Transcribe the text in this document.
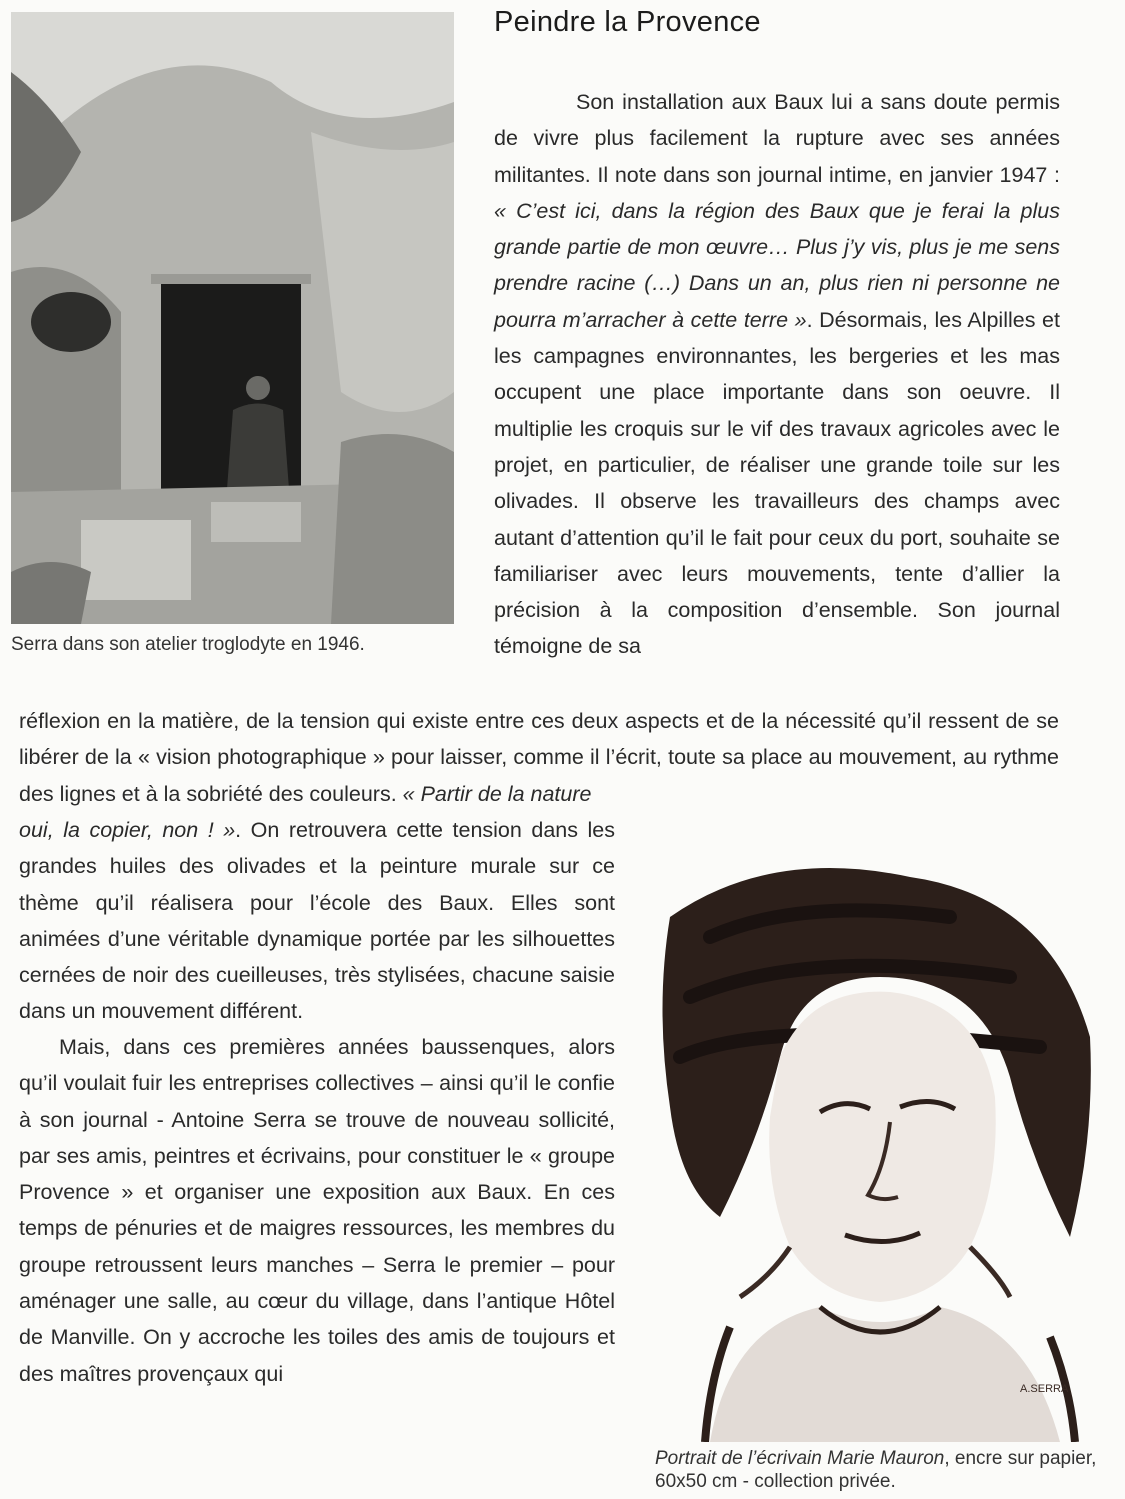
Peindre la Provence
Serra dans son atelier troglodyte en 1946.

Son installation aux Baux lui a sans doute permis de vivre plus facilement la rupture avec ses années militantes. Il note dans son journal intime, en janvier 1947 : « C’est ici, dans la région des Baux que je ferai la plus grande partie de mon œuvre… Plus j’y vis, plus je me sens prendre racine (…) Dans un an, plus rien ni personne ne pourra m’arracher à cette terre ». Désormais, les Alpilles et les campagnes environnantes, les bergeries et les mas occupent une place importante dans son oeuvre. Il multiplie les croquis sur le vif des travaux agricoles avec le projet, en particulier, de réaliser une grande toile sur les olivades. Il observe les travailleurs des champs avec autant d’attention qu’il le fait pour ceux du port, souhaite se familiariser avec leurs mouvements, tente d’allier la précision à la composition d’ensemble. Son journal témoigne de sa

réflexion en la matière, de la tension qui existe entre ces deux aspects et de la nécessité qu’il ressent de se libérer de la « vision photographique » pour laisser, comme il l’écrit, toute sa place au mouvement, au rythme des lignes et à la sobriété des couleurs. « Partir de la nature

oui, la copier, non ! ». On retrouvera cette tension dans les grandes huiles des olivades et la peinture murale sur ce thème qu’il réalisera pour l’école des Baux. Elles sont animées d’une véritable dynamique portée par les silhouettes cernées de noir des cueilleuses, très stylisées, chacune saisie dans un mouvement différent.

Mais, dans ces premières années baussenques, alors qu’il voulait fuir les entreprises collectives – ainsi qu’il le confie à son journal - Antoine Serra se trouve de nouveau sollicité, par ses amis, peintres et écrivains, pour constituer le « groupe Provence » et organiser une exposition aux Baux. En ces temps de pénuries et de maigres ressources, les membres du groupe retroussent leurs manches – Serra le premier – pour aménager une salle, au cœur du village, dans l’antique Hôtel de Manville. On y accroche les toiles des amis de toujours et des maîtres provençaux qui

A.SERRA
Portrait de l’écrivain Marie Mauron, encre sur papier, 60x50 cm - collection privée.
